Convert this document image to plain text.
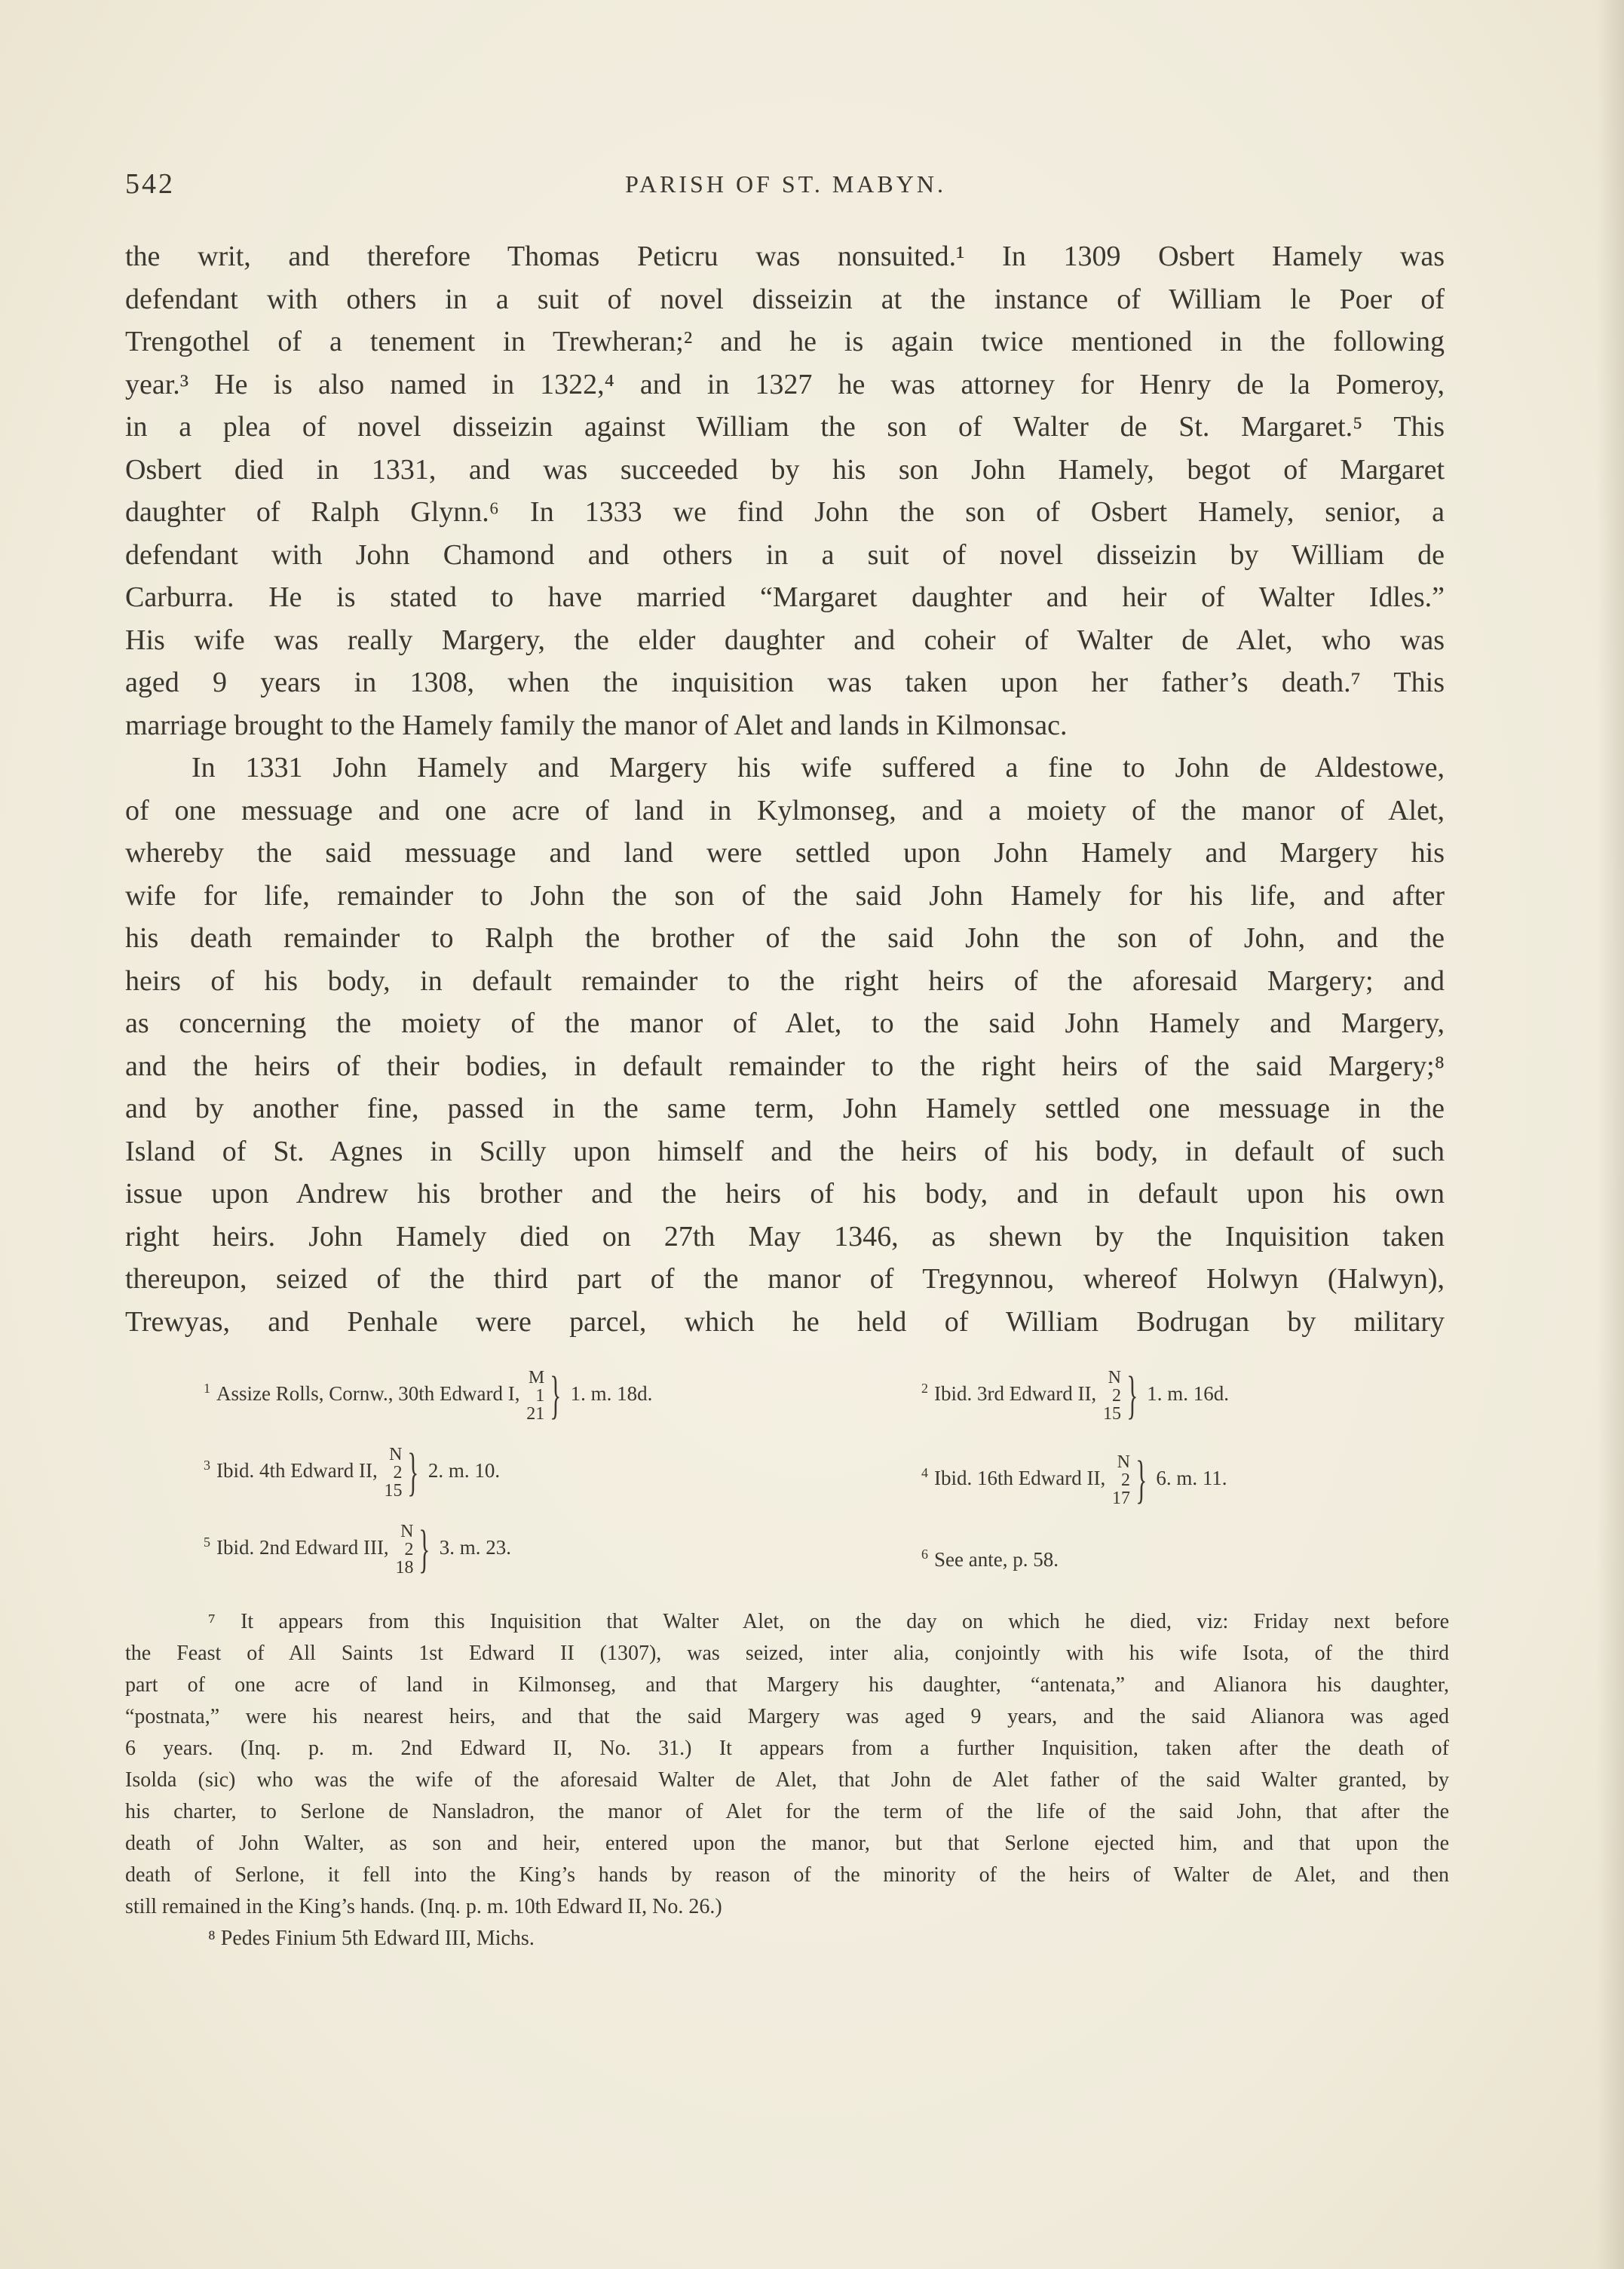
542	PARISH OF ST. MABYN.
the writ, and therefore Thomas Peticru was nonsuited.¹ In 1309 Osbert Hamely was
defendant with others in a suit of novel disseizin at the instance of William le Poer of
Trengothel of a tenement in Trewheran;² and he is again twice mentioned in the following
year.³ He is also named in 1322,⁴ and in 1327 he was attorney for Henry de la Pomeroy,
in a plea of novel disseizin against William the son of Walter de St. Margaret.⁵ This
Osbert died in 1331, and was succeeded by his son John Hamely, begot of Margaret
daughter of Ralph Glynn.⁶ In 1333 we find John the son of Osbert Hamely, senior, a
defendant with John Chamond and others in a suit of novel disseizin by William de
Carburra. He is stated to have married “Margaret daughter and heir of Walter Idles.”
His wife was really Margery, the elder daughter and coheir of Walter de Alet, who was
aged 9 years in 1308, when the inquisition was taken upon her father’s death.⁷ This
marriage brought to the Hamely family the manor of Alet and lands in Kilmonsac.
In 1331 John Hamely and Margery his wife suffered a fine to John de Aldestowe,
of one messuage and one acre of land in Kylmonseg, and a moiety of the manor of Alet,
whereby the said messuage and land were settled upon John Hamely and Margery his
wife for life, remainder to John the son of the said John Hamely for his life, and after
his death remainder to Ralph the brother of the said John the son of John, and the
heirs of his body, in default remainder to the right heirs of the aforesaid Margery; and
as concerning the moiety of the manor of Alet, to the said John Hamely and Margery,
and the heirs of their bodies, in default remainder to the right heirs of the said Margery;⁸
and by another fine, passed in the same term, John Hamely settled one messuage in the
Island of St. Agnes in Scilly upon himself and the heirs of his body, in default of such
issue upon Andrew his brother and the heirs of his body, and in default upon his own
right heirs. John Hamely died on 27th May 1346, as shewn by the Inquisition taken
thereupon, seized of the third part of the manor of Tregynnou, whereof Holwyn (Halwyn),
Trewyas, and Penhale were parcel, which he held of William Bodrugan by military
$^1$ Assize Rolls, Cornw., 30th Edward I,
M
1
21 } 1. m. 18d.	$^2$ Ibid. 3rd Edward II,
N
2
15 } 1. m. 16d.
$^3$ Ibid. 4th Edward II,
N
2
15 } 2. m. 10.	$^4$ Ibid. 16th Edward II,
N
2
17 } 6. m. 11.
$^5$ Ibid. 2nd Edward III,
N
2
18 } 3. m. 23.	$^6$ See ante, p. 58.
⁷ It appears from this Inquisition that Walter Alet, on the day on which he died, viz: Friday next before
the Feast of All Saints 1st Edward II (1307), was seized, inter alia, conjointly with his wife Isota, of the third
part of one acre of land in Kilmonseg, and that Margery his daughter, “antenata,” and Alianora his daughter,
“postnata,” were his nearest heirs, and that the said Margery was aged 9 years, and the said Alianora was aged
6 years. (Inq. p. m. 2nd Edward II, No. 31.) It appears from a further Inquisition, taken after the death of
Isolda (sic) who was the wife of the aforesaid Walter de Alet, that John de Alet father of the said Walter granted, by
his charter, to Serlone de Nansladron, the manor of Alet for the term of the life of the said John, that after the
death of John Walter, as son and heir, entered upon the manor, but that Serlone ejected him, and that upon the
death of Serlone, it fell into the King’s hands by reason of the minority of the heirs of Walter de Alet, and then
still remained in the King’s hands. (Inq. p. m. 10th Edward II, No. 26.)
⁸ Pedes Finium 5th Edward III, Michs.
